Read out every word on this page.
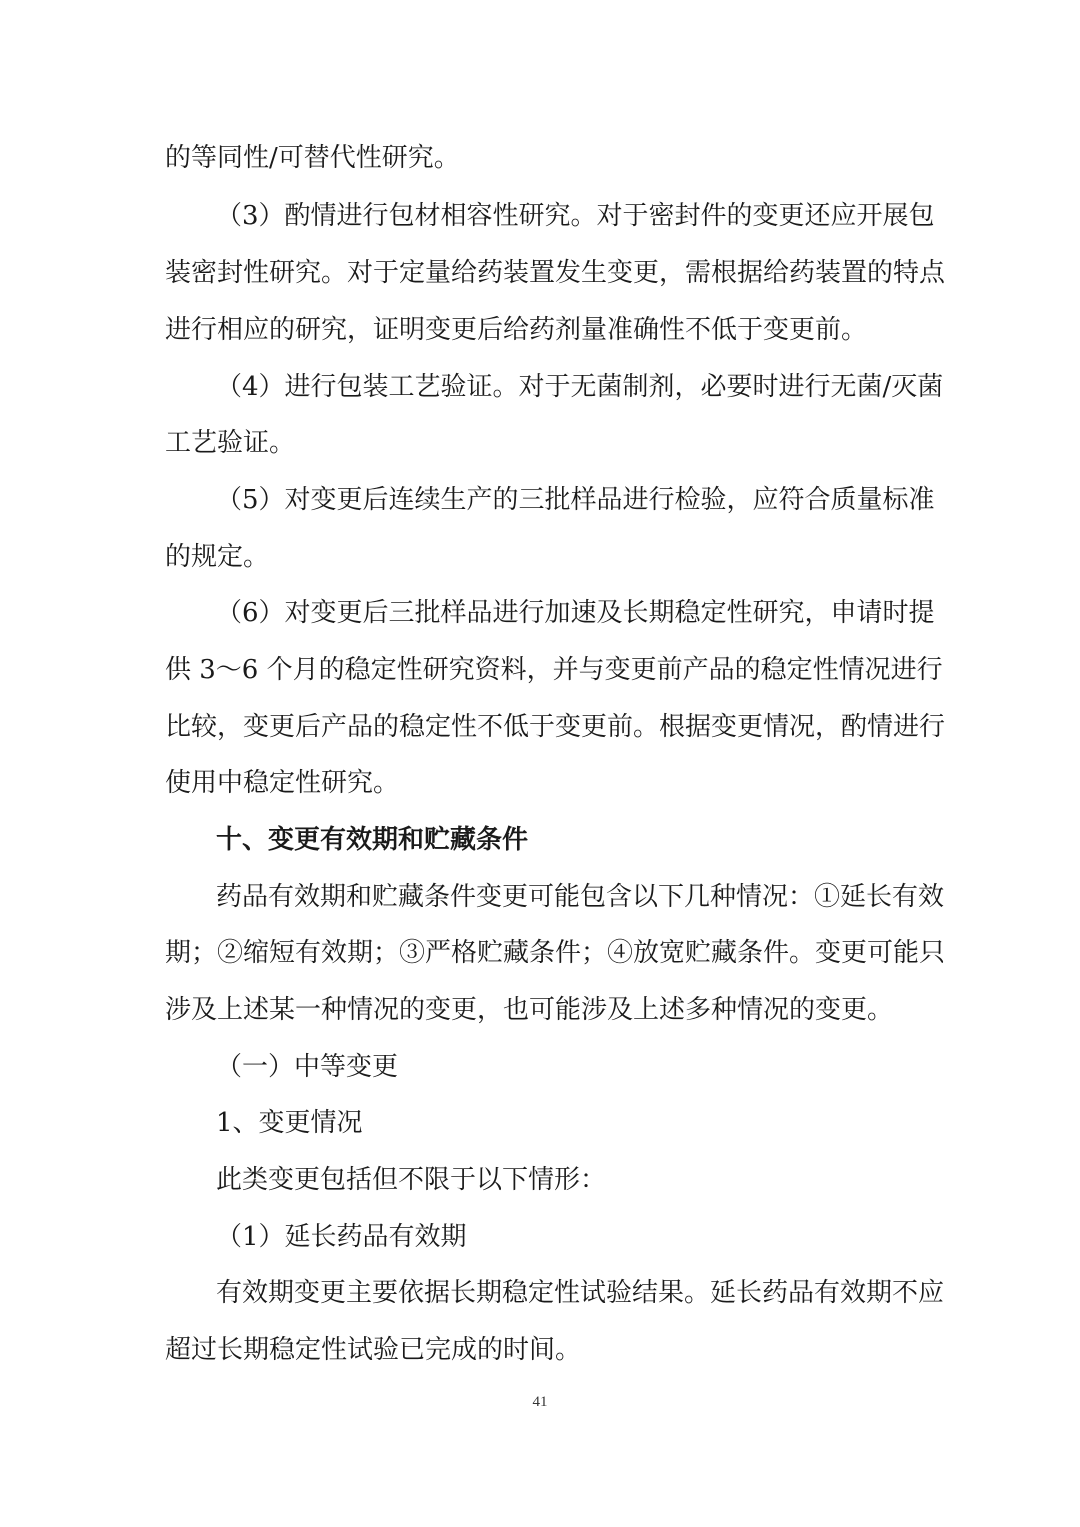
的等同性/可替代性研究。
（3）酌情进行包材相容性研究。对于密封件的变更还应开展包
装密封性研究。对于定量给药装置发生变更，需根据给药装置的特点
进行相应的研究，证明变更后给药剂量准确性不低于变更前。
（4）进行包装工艺验证。对于无菌制剂，必要时进行无菌/灭菌
工艺验证。
（5）对变更后连续生产的三批样品进行检验，应符合质量标准
的规定。
（6）对变更后三批样品进行加速及长期稳定性研究，申请时提
供 3～6 个月的稳定性研究资料，并与变更前产品的稳定性情况进行
比较，变更后产品的稳定性不低于变更前。根据变更情况，酌情进行
使用中稳定性研究。
十、变更有效期和贮藏条件
药品有效期和贮藏条件变更可能包含以下几种情况：①延长有效
期；②缩短有效期；③严格贮藏条件；④放宽贮藏条件。变更可能只
涉及上述某一种情况的变更，也可能涉及上述多种情况的变更。
（一）中等变更
1、变更情况
此类变更包括但不限于以下情形：
（1）延长药品有效期
有效期变更主要依据长期稳定性试验结果。延长药品有效期不应
超过长期稳定性试验已完成的时间。
41
